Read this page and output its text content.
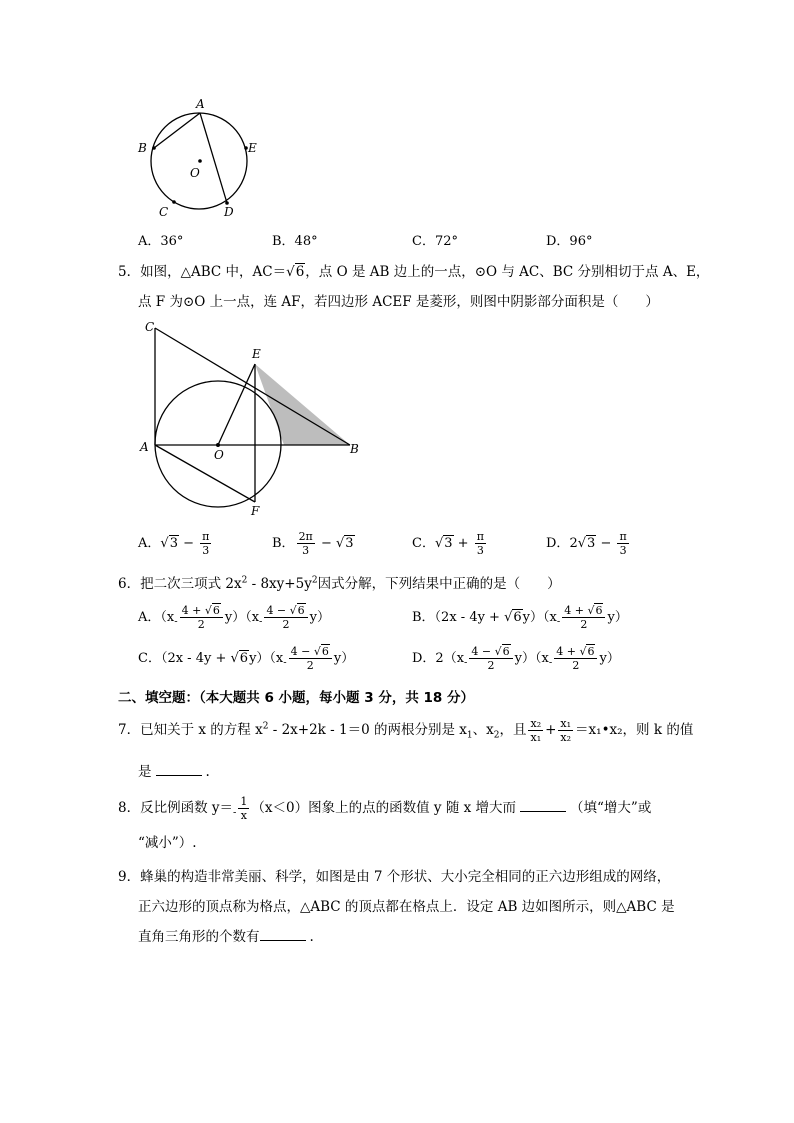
A
B	E
O
C	D
A．36°	B．48°	C．72°	D．96°
5．如图，△ABC 中，AC＝√6，点 O 是 AB 边上的一点，⊙O 与 AC、BC 分别相切于点 A、E，
点 F 为⊙O 上一点，连 AF，若四边形 ACEF 是菱形，则图中阴影部分面积是（　　）
C
E
A
O	B
F
A．$√3 - \frac{\pi}{3}$	B． $\frac{2\pi}{3} - √3$	C．$√3 + \frac{\pi}{3}$	D．$2√3 - \frac{\pi}{3}$
6．把二次三项式 $2x^2 - 8xy+5y^2$因式分解，下列结果中正确的是（　　）
A．$(x_- \frac{4 + √6}{2} y)(x_- \frac{4 - √6}{2} y)$	B．$(2x - 4y + √6y)(x_- \frac{4 + √6}{2} y)$
C．$(2x - 4y + √6y)(x_- \frac{4 - √6}{2} y)$	D．$2(x_- \frac{4 - √6}{2} y)(x_- \frac{4 + √6}{2} y)$
二、填空题：（本大题共 6 小题，每小题 3 分，共 18 分）
7．已知关于 x 的方程 $x^2 - 2x+2k - 1=0$ 的两根分别是 $x_1$、$x_2$，且 $\frac{\text{x₂}}{\text{x₁}} + \frac{\text{x₁}}{\text{x₂}}$ ＝x₁•x₂，则 k 的值
是	.
8．反比例函数 $y=_- \frac{1}{x} (x<0)$图象上的点的函数值 y 随 x 增大而	（填“增大”或
“减小”）.
9．蜂巢的构造非常美丽、科学，如图是由 7 个形状、大小完全相同的正六边形组成的网络，
正六边形的顶点称为格点，△ABC 的顶点都在格点上．设定 AB 边如图所示，则△ABC 是
直角三角形的个数有	.
